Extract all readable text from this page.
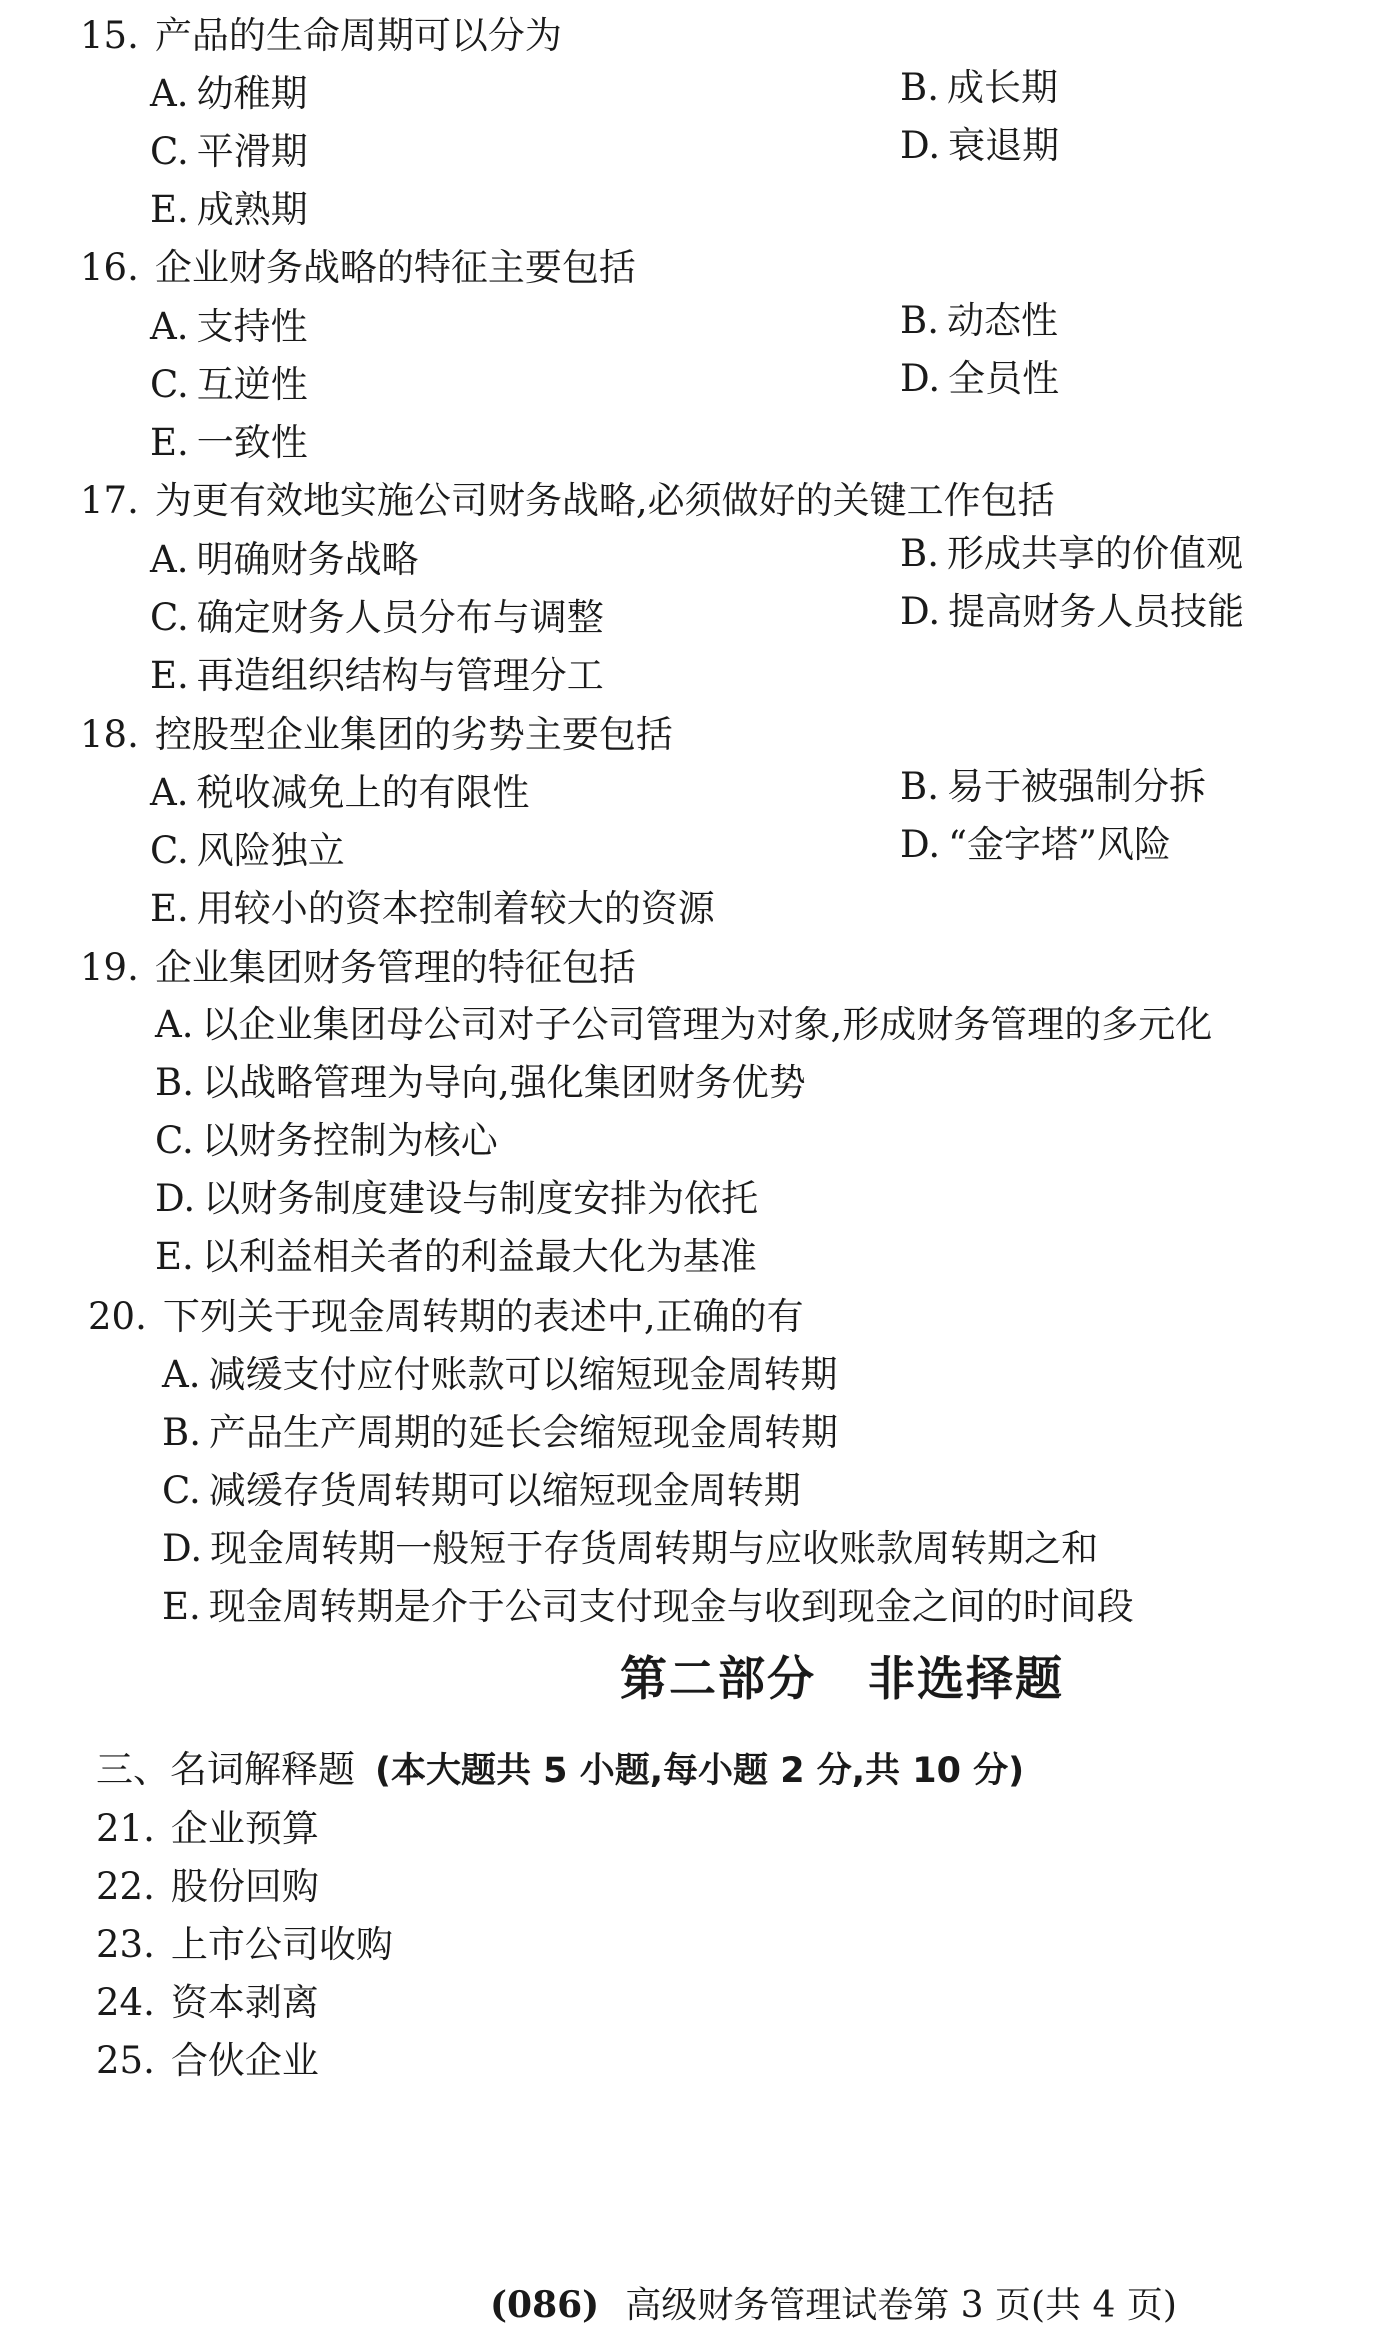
15. 产品的生命周期可以分为
A. 幼稚期	B. 成长期
C. 平滑期	D. 衰退期
E. 成熟期
16. 企业财务战略的特征主要包括
A. 支持性	B. 动态性
C. 互逆性	D. 全员性
E. 一致性
17. 为更有效地实施公司财务战略,必须做好的关键工作包括
A. 明确财务战略	B. 形成共享的价值观
C. 确定财务人员分布与调整	D. 提高财务人员技能
E. 再造组织结构与管理分工
18. 控股型企业集团的劣势主要包括
A. 税收减免上的有限性	B. 易于被强制分拆
C. 风险独立	D. “金字塔”风险
E. 用较小的资本控制着较大的资源
19. 企业集团财务管理的特征包括
A. 以企业集团母公司对子公司管理为对象,形成财务管理的多元化
B. 以战略管理为导向,强化集团财务优势
C. 以财务控制为核心
D. 以财务制度建设与制度安排为依托
E. 以利益相关者的利益最大化为基准
20. 下列关于现金周转期的表述中,正确的有
A. 减缓支付应付账款可以缩短现金周转期
B. 产品生产周期的延长会缩短现金周转期
C. 减缓存货周转期可以缩短现金周转期
D. 现金周转期一般短于存货周转期与应收账款周转期之和
E. 现金周转期是介于公司支付现金与收到现金之间的时间段
第二部分 非选择题
三、名词解释题 (本大题共 5 小题,每小题 2 分,共 10 分)
21. 企业预算
22. 股份回购
23. 上市公司收购
24. 资本剥离
25. 合伙企业
(086) 高级财务管理试卷第 3 页(共 4 页)
